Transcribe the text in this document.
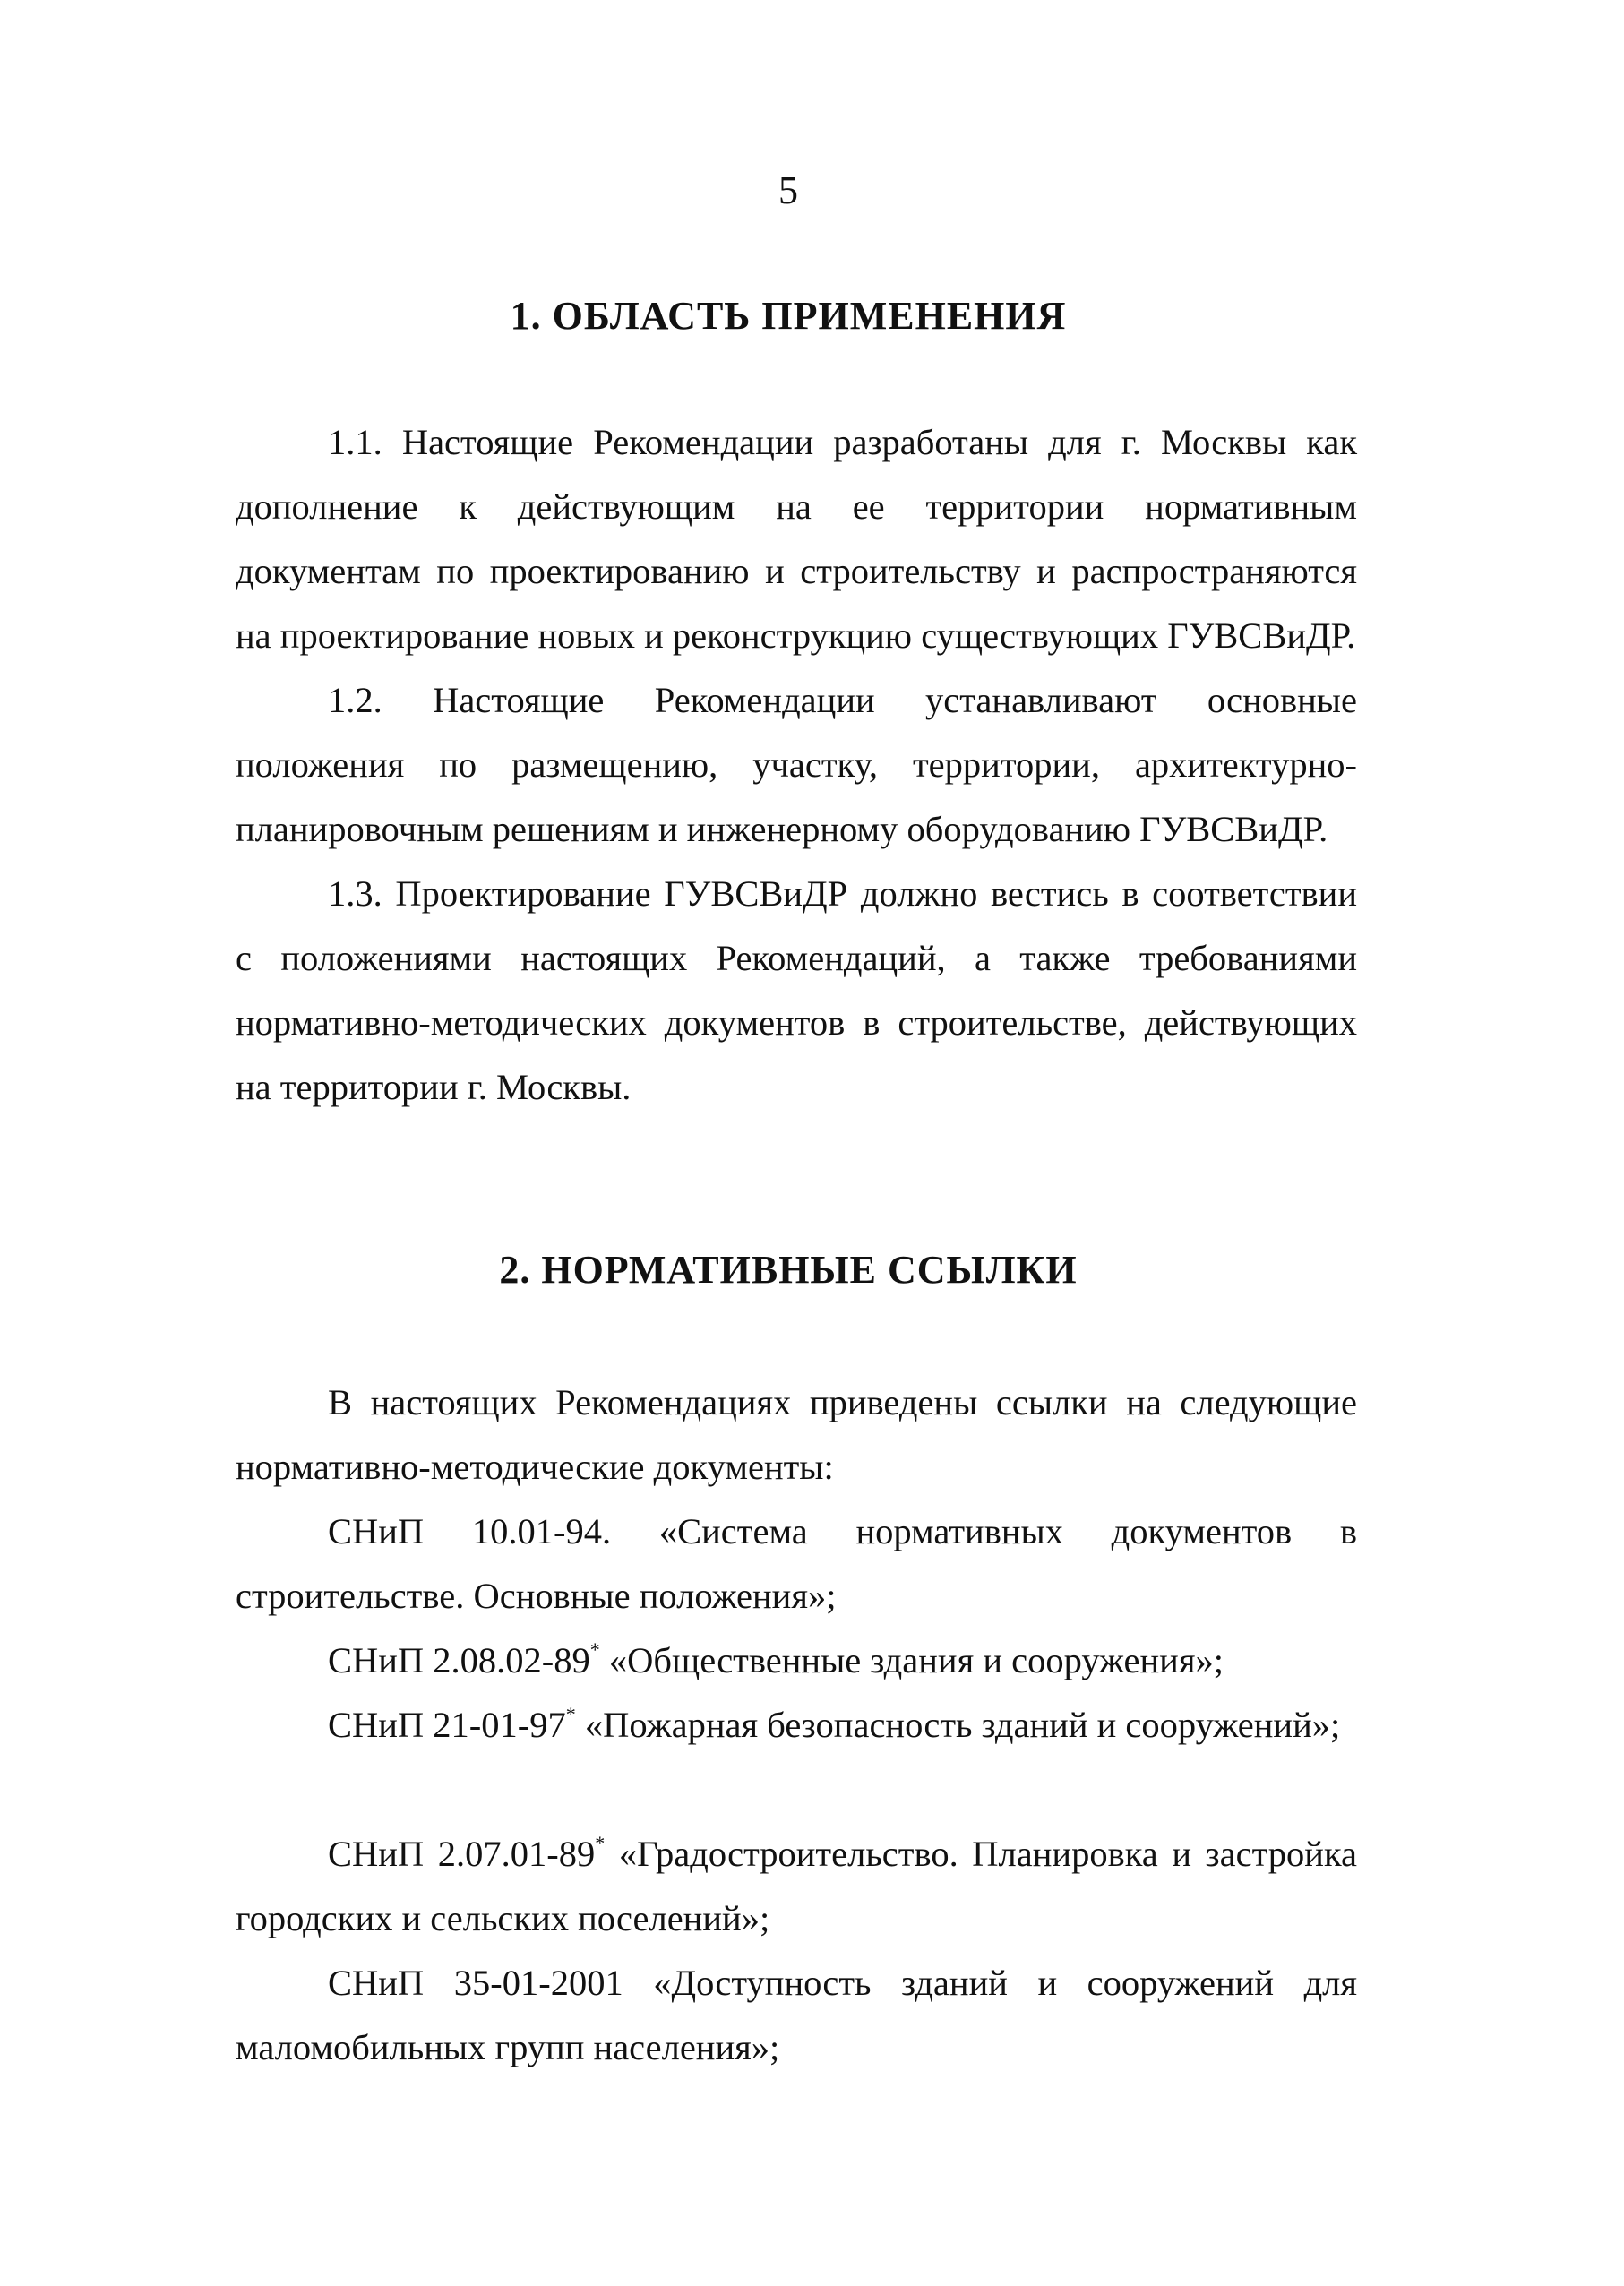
5
1. ОБЛАСТЬ ПРИМЕНЕНИЯ

1.1. Настоящие Рекомендации разработаны для г. Москвы как дополнение к действующим на ее территории нормативным документам по проектированию и строительству и распространяются на проектирование новых и реконструкцию существующих ГУВСВиДР.

1.2. Настоящие Рекомендации устанавливают основные положения по размещению, участку, территории, архитектурно-планировочным решениям и инженерному оборудованию ГУВСВиДР.

1.3. Проектирование ГУВСВиДР должно вестись в соответствии с положениями настоящих Рекомендаций, а также требованиями нормативно-методических документов в строительстве, действующих на территории г. Москвы.

2. НОРМАТИВНЫЕ ССЫЛКИ

В настоящих Рекомендациях приведены ссылки на следующие нормативно-методические документы:

СНиП 10.01-94. «Система нормативных документов в строительстве. Основные положения»;

СНиП 2.08.02-89* «Общественные здания и сооружения»;

СНиП 21-01-97* «Пожарная безопасность зданий и сооружений»;

СНиП 2.07.01-89* «Градостроительство. Планировка и застройка городских и сельских поселений»;

СНиП 35-01-2001 «Доступность зданий и сооружений для маломобильных групп населения»;
